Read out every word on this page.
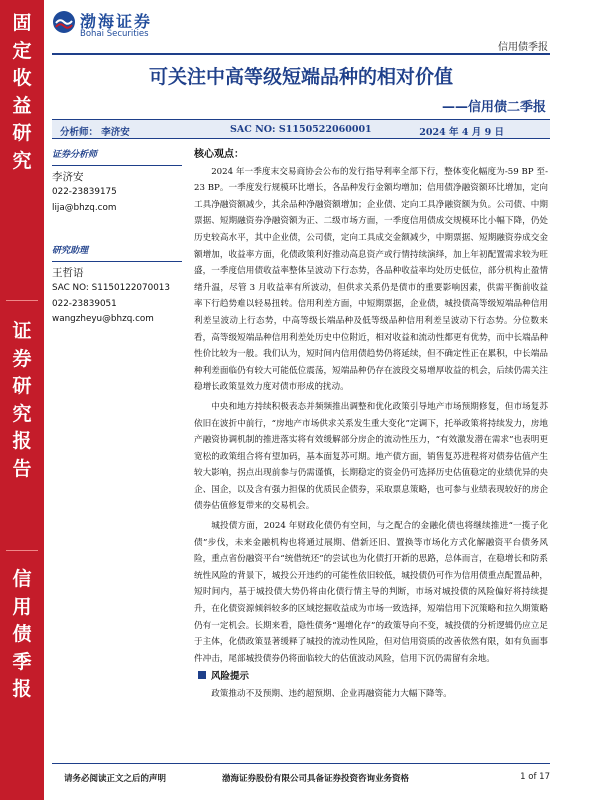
固
定
收
益
研
究
证
券
研
究
报
告
信
用
债
季
报
渤海证券
Bohai Securities
信用债季报
可关注中高等级短端品种的相对价值
——信用债二季报
分析师： 李济安	SAC NO: S1150522060001	2024 年 4 月 9 日
证券分析师
李济安
022-23839175
lija@bhzq.com
研究助理
王哲语
SAC NO: S1150122070013
022-23839051
wangzheyu@bhzq.com
核心观点：

2024 年一季度末交易商协会公布的发行指导利率全部下行，整体变化幅度为-59 BP 至-23 BP。一季度发行规模环比增长，各品种发行金额均增加；信用债净融资额环比增加，定向工具净融资额减少，其余品种净融资额增加；企业债、定向工具净融资额为负。公司债、中期票据、短期融资券净融资额为正、二级市场方面，一季度信用债成交规模环比小幅下降，仍处历史较高水平，其中企业债，公司债，定向工具成交金额减少，中期票据、短期融资券成交金额增加，收益率方面，化债政策利好推动高息资产或行情持续演绎，加上年初配置需求较为旺盛，一季度信用债收益率整体呈波动下行态势，各品种收益率均处历史低位，部分机构止盈情绪升温，尽管 3 月收益率有所波动，但供求关系仍是债市的重要影响因素，供需平衡前收益率下行趋势难以轻易扭转。信用利差方面，中短期票据，企业债，城投债高等级短端品种信用利差呈波动上行态势，中高等级长端品种及低等级品种信用利差呈波动下行态势。分位数来看，高等级短端品种信用利差处历史中位附近，相对收益和流动性都更有优势，而中长端品种性价比较为一般。我们认为，短时间内信用债趋势仍将延续，但不确定性正在累积，中长端品种利差面临仍有较大可能低位震荡，短端品种仍存在波段交易增厚收益的机会，后续仍需关注稳增长政策显效力度对债市形成的扰动。

中央和地方持续积极表态并频频推出调整和优化政策引导地产市场预期修复，但市场复苏依旧在波折中前行，“房地产市场供求关系发生重大变化”定调下，托举政策将持续发力，房地产融资协调机制的推进落实将有效缓解部分房企的流动性压力，“有效激发潜在需求”也表明更宽松的政策组合将有望加码，基本面复苏可期。地产债方面，销售复苏进程将对债券估值产生较大影响，拐点出现前参与仍需谨慎，长期稳定的资金仍可选择历史估值稳定的业绩优异的央企、国企，以及含有强力担保的优质民企债券，采取票息策略，也可参与业绩表现较好的房企债券估值修复带来的交易机会。

城投债方面，2024 年财政化债仍有空间，与之配合的金融化债也将继续推进“一揽子化债”步伐，未来金融机构也将通过展期、借新还旧、置换等市场化方式化解融资平台债务风险，重点省份融资平台“统借统还”的尝试也为化债打开新的思路，总体而言，在稳增长和防系统性风险的背景下，城投公开违约的可能性依旧较低，城投债仍可作为信用债重点配置品种，短时间内，基于城投债大势仍将由化债行情主导的判断，市场对城投债的风险偏好将持续提升，在化债资源倾斜较多的区域挖掘收益成为市场一致选择，短端信用下沉策略和拉久期策略仍有一定机会。长期来看，隐性债务“遏增化存”的政策导向不变，城投债的分析逻辑仍应立足于主体，化债政策显著缓释了城投的流动性风险，但对信用资质的改善依然有限，如有负面事件冲击，尾部城投债券仍将面临较大的估值波动风险，信用下沉仍需留有余地。

风险提示

政策推动不及预期、违约超预期、企业再融资能力大幅下降等。

请务必阅读正文之后的声明	渤海证券股份有限公司具备证券投资咨询业务资格	1 of 17
